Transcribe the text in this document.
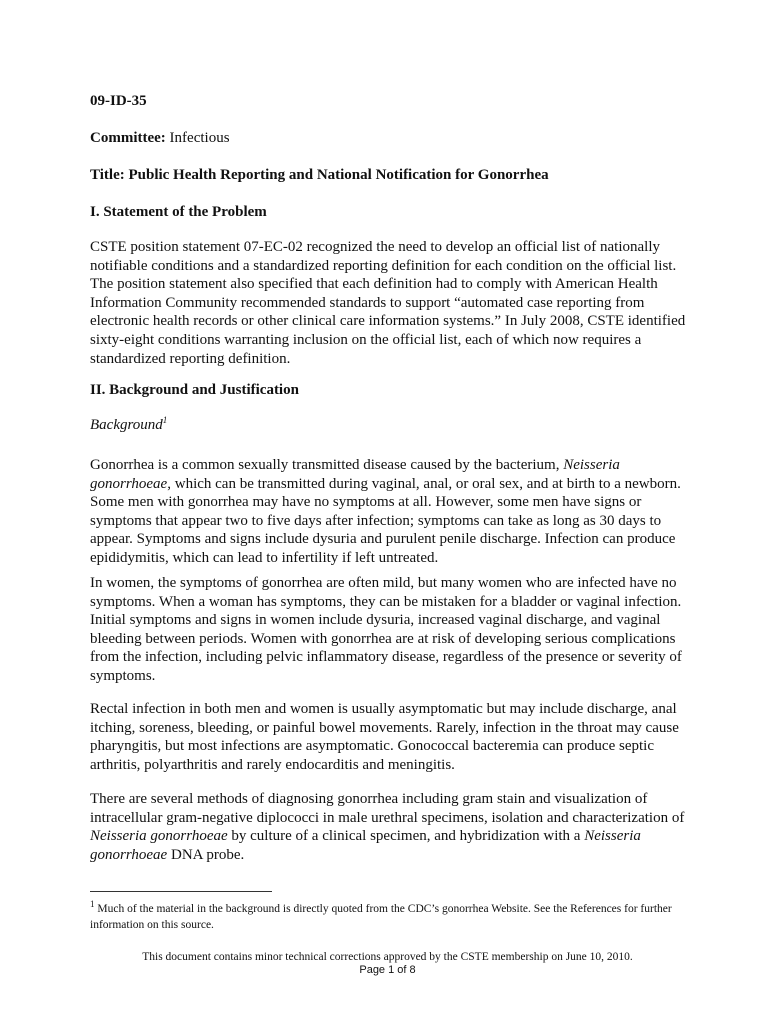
09-ID-35
Committee: Infectious
Title: Public Health Reporting and National Notification for Gonorrhea
I. Statement of the Problem

CSTE position statement 07-EC-02 recognized the need to develop an official list of nationally notifiable conditions and a standardized reporting definition for each condition on the official list. The position statement also specified that each definition had to comply with American Health Information Community recommended standards to support “automated case reporting from electronic health records or other clinical care information systems.” In July 2008, CSTE identified sixty-eight conditions warranting inclusion on the official list, each of which now requires a standardized reporting definition.

II. Background and Justification
Background$^1$

Gonorrhea is a common sexually transmitted disease caused by the bacterium, Neisseria gonorrhoeae, which can be transmitted during vaginal, anal, or oral sex, and at birth to a newborn. Some men with gonorrhea may have no symptoms at all. However, some men have signs or symptoms that appear two to five days after infection; symptoms can take as long as 30 days to appear. Symptoms and signs include dysuria and purulent penile discharge. Infection can produce epididymitis, which can lead to infertility if left untreated.

In women, the symptoms of gonorrhea are often mild, but many women who are infected have no symptoms. When a woman has symptoms, they can be mistaken for a bladder or vaginal infection. Initial symptoms and signs in women include dysuria, increased vaginal discharge, and vaginal bleeding between periods. Women with gonorrhea are at risk of developing serious complications from the infection, including pelvic inflammatory disease, regardless of the presence or severity of symptoms.

Rectal infection in both men and women is usually asymptomatic but may include discharge, anal itching, soreness, bleeding, or painful bowel movements. Rarely, infection in the throat may cause pharyngitis, but most infections are asymptomatic. Gonococcal bacteremia can produce septic arthritis, polyarthritis and rarely endocarditis and meningitis.

There are several methods of diagnosing gonorrhea including gram stain and visualization of intracellular gram-negative diplococci in male urethral specimens, isolation and characterization of Neisseria gonorrhoeae by culture of a clinical specimen, and hybridization with a Neisseria gonorrhoeae DNA probe.

$^1$ Much of the material in the background is directly quoted from the CDC’s gonorrhea Website. See the References for further information on this source.
This document contains minor technical corrections approved by the CSTE membership on June 10, 2010.
Page 1 of 8
